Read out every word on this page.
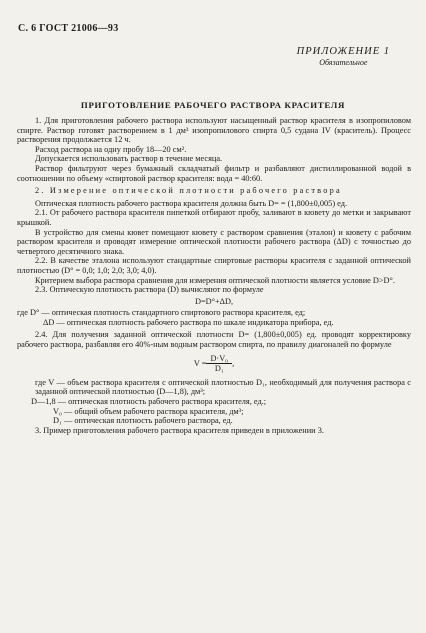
С. 6 ГОСТ 21006—93
ПРИЛОЖЕНИЕ 1
Обязательное
ПРИГОТОВЛЕНИЕ РАБОЧЕГО РАСТВОРА КРАСИТЕЛЯ

1. Для приготовления рабочего раствора используют насыщенный раствор красителя в изопропиловом спирте. Раствор готовят растворением в 1 дм³ изопропилового спирта 0,5 судана IV (краситель). Процесс растворения продолжается 12 ч.

Расход раствора на одну пробу 18—20 см².

Допускается использовать раствор в течение месяца.

Раствор фильтруют через бумажный складчатый фильтр и разбавляют дистиллированной водой в соотношении по объему «спиртовой раствор красителя: вода = 40:60.

2. Измерение оптической плотности рабочего раствора

Оптическая плотность рабочего раствора красителя должна быть D= = (1,800±0,005) ед.

2.1. От рабочего раствора красителя пипеткой отбирают пробу, заливают в кювету до метки и закрывают крышкой.

В устройство для смены кювет помещают кювету с раствором сравнения (эталон) и кювету с рабочим раствором красителя и проводят измерение оптической плотности рабочего раствора (ΔD) с точностью до четвертого десятичного знака.

2.2. В качестве эталона используют стандартные спиртовые растворы красителя с заданной оптической плотностью (D° = 0,0; 1,0; 2,0; 3,0; 4,0).

Критерием выбора раствора сравнения для измерения оптической плотности является условие D>D°.

2.3. Оптическую плотность раствора (D) вычисляют по формуле

D=D°+ΔD,
где D° — оптическая плотность стандартного спиртового раствора красителя, ед;
ΔD — оптическая плотность рабочего раствора по шкале индикатора прибора, ед.

2.4. Для получения заданной оптической плотности D= (1,800±0,005) ед. проводят корректировку рабочего раствора, разбавляя его 40%-ным водным раствором спирта, по правилу диагоналей по формуле

$V = \frac{\text{D·V₀}}{\text{D₁}}$ ,

где V — объем раствора красителя с оптической плотностью D₁, необходимый для получения раствора с заданной оптической плотностью (D—1,8), дм³;

D—1,8 — оптическая плотность рабочего раствора красителя, ед.;

V₀ — общий объем рабочего раствора красителя, дм³;

D₁ — оптическая плотность рабочего раствора, ед.

3. Пример приготовления рабочего раствора красителя приведен в приложении 3.
